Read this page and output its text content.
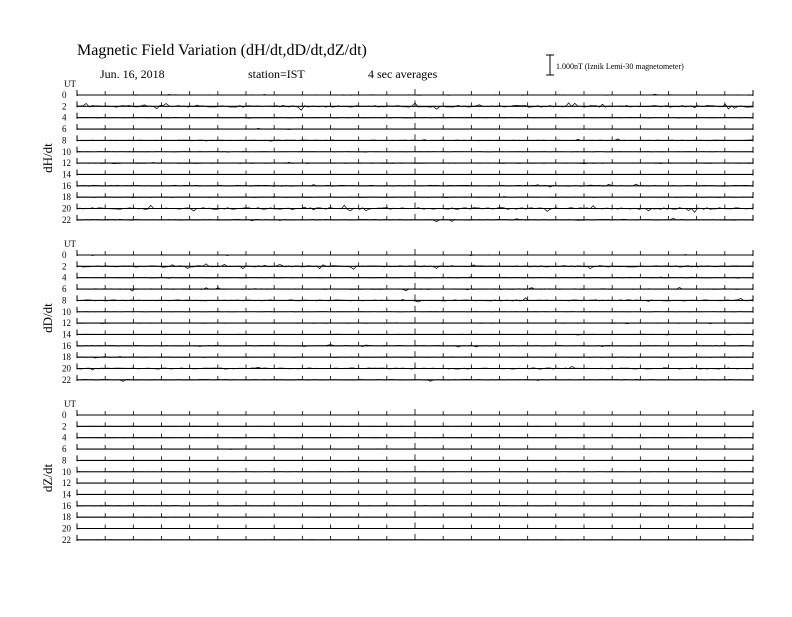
Magnetic Field Variation (dH/dt,dD/dt,dZ/dt)
Jun. 16, 2018	station=IST	4 sec averages
1.000nT (Iznik Lemi-30 magnetometer)
UT
dH/dt
0
2
4
6
8
10
12
14
16
18
20
22
UT
dD/dt
0
2
4
6
8
10
12
14
16
18
20
22
UT
dZ/dt
0
2
4
6
8
10
12
14
16
18
20
22
